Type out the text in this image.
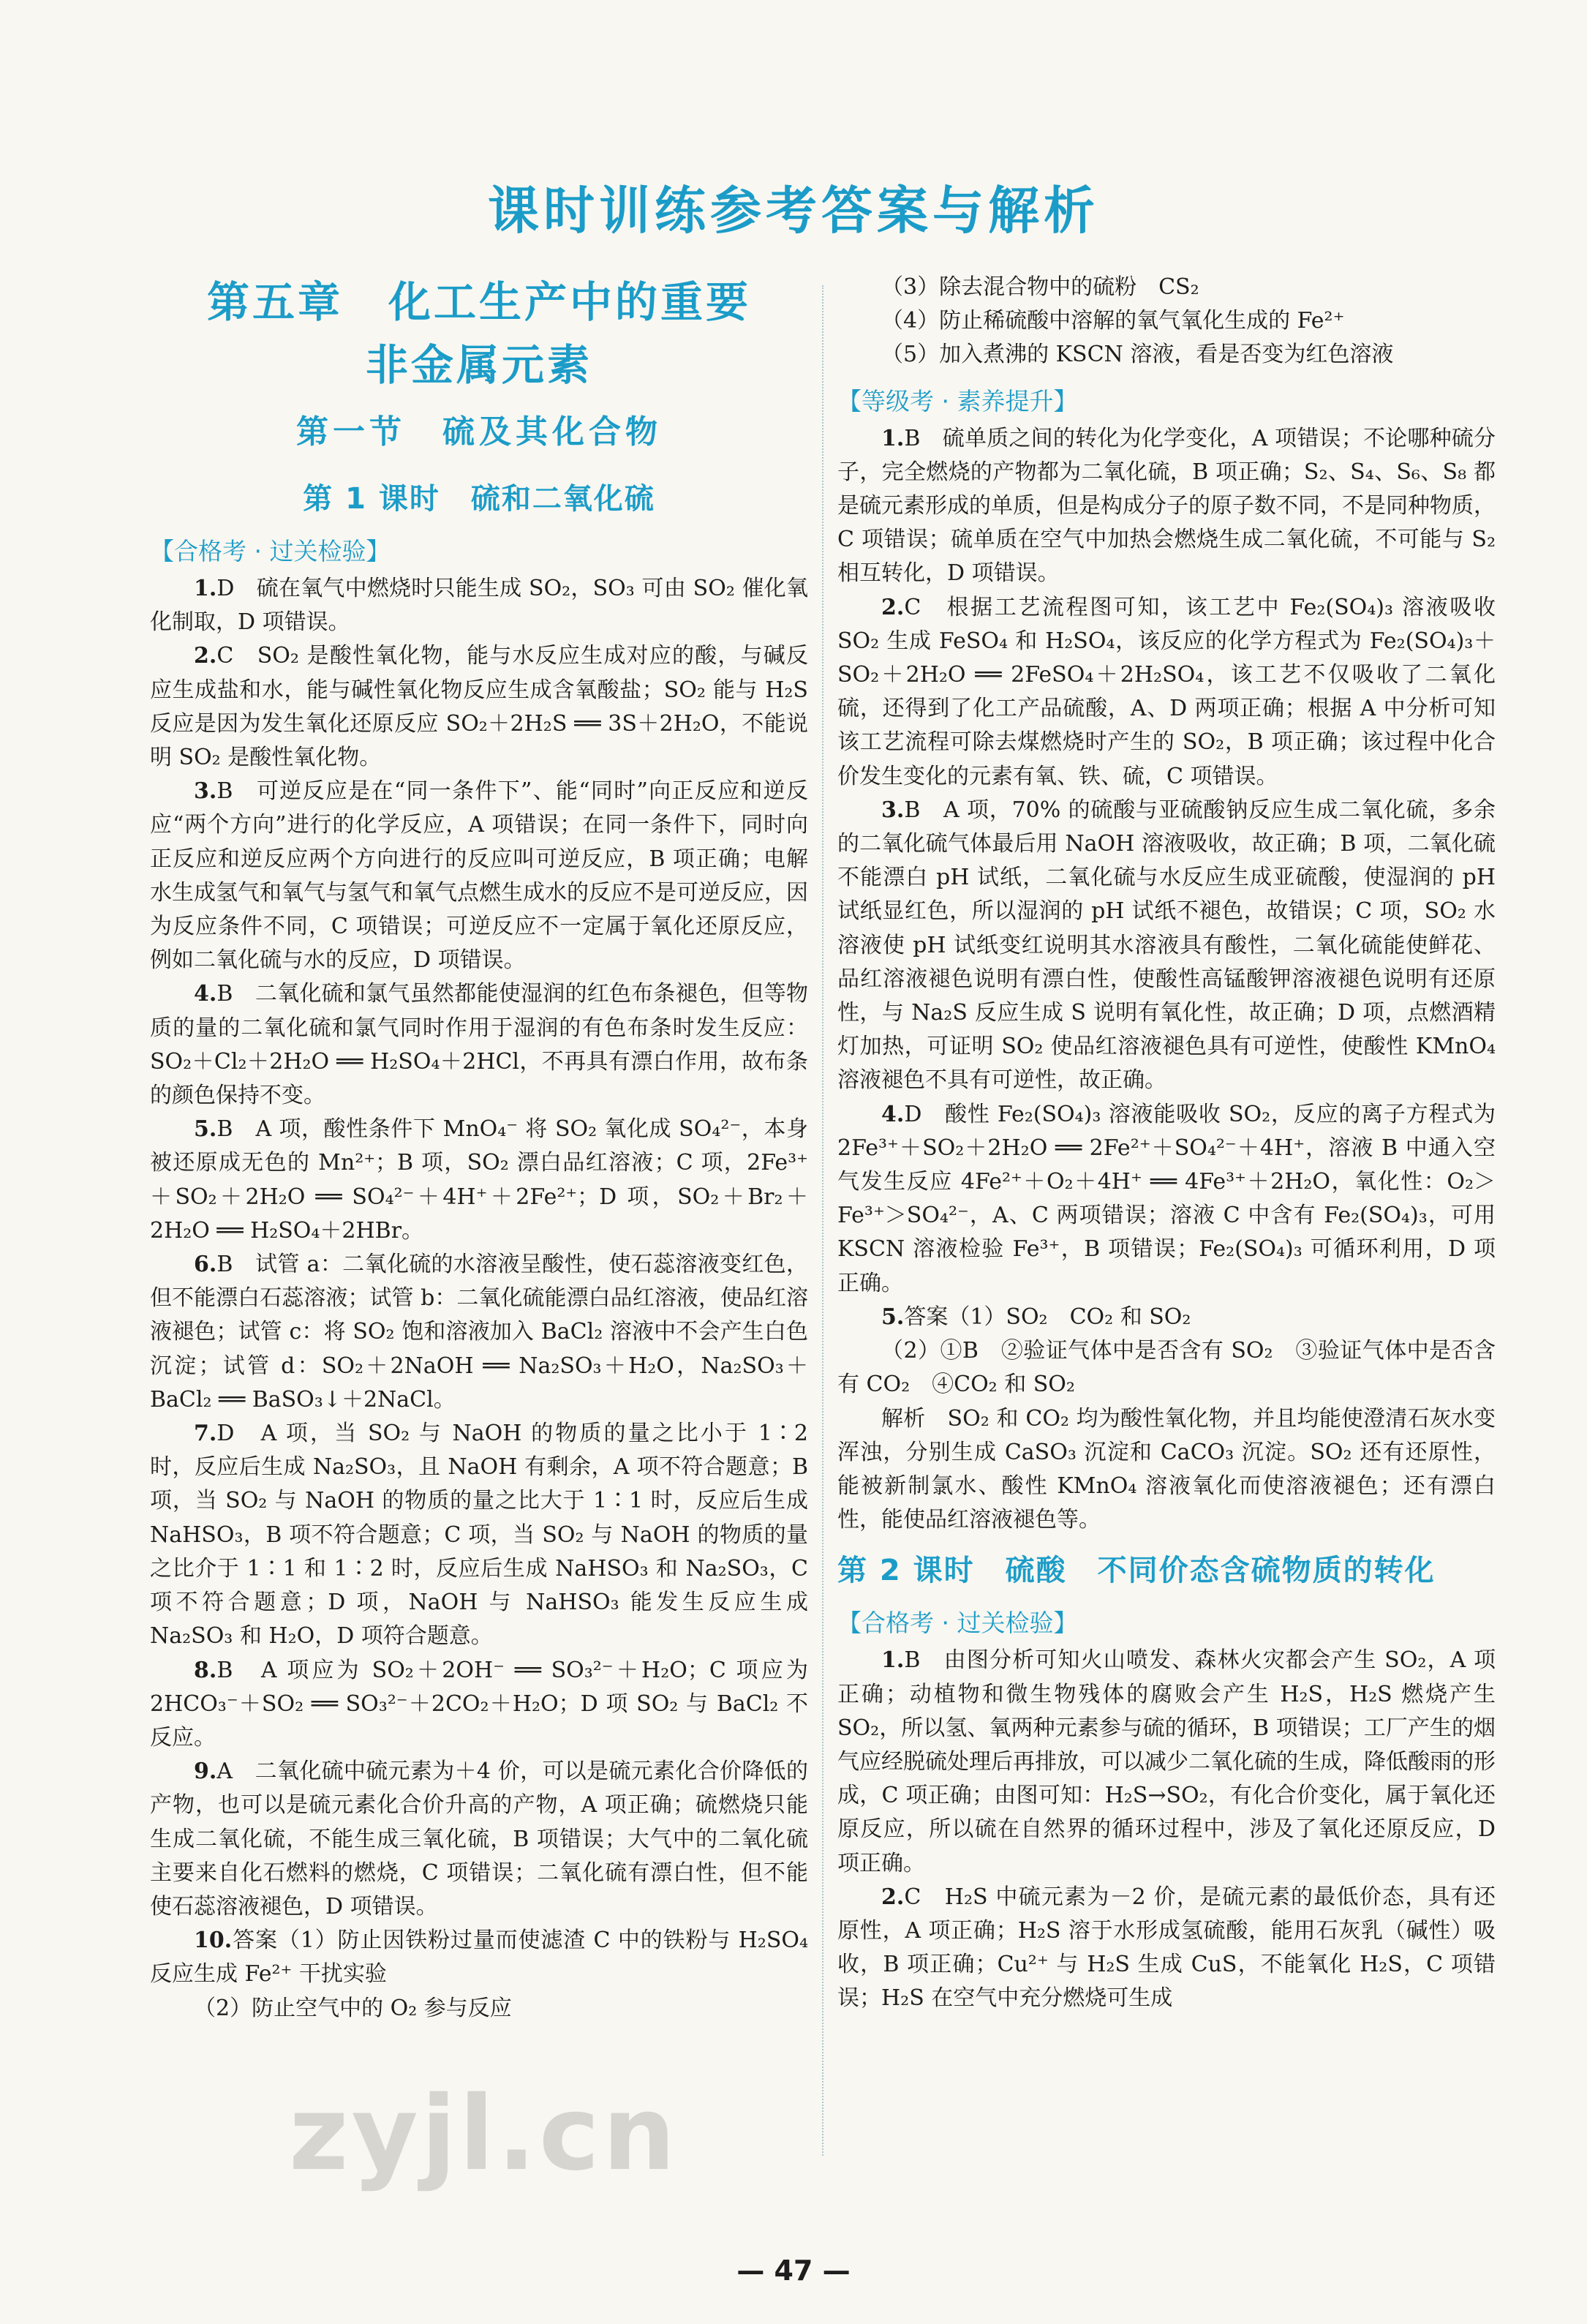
课时训练参考答案与解析
第五章　化工生产中的重要
非金属元素
第一节　硫及其化合物
第 1 课时　硫和二氧化硫
【合格考 · 过关检验】

1.D　硫在氧气中燃烧时只能生成 SO₂，SO₃ 可由 SO₂ 催化氧化制取，D 项错误。

2.C　SO₂ 是酸性氧化物，能与水反应生成对应的酸，与碱反应生成盐和水，能与碱性氧化物反应生成含氧酸盐；SO₂ 能与 H₂S 反应是因为发生氧化还原反应 SO₂＋2H₂S ══ 3S＋2H₂O，不能说明 SO₂ 是酸性氧化物。

3.B　可逆反应是在“同一条件下”、能“同时”向正反应和逆反应“两个方向”进行的化学反应，A 项错误；在同一条件下，同时向正反应和逆反应两个方向进行的反应叫可逆反应，B 项正确；电解水生成氢气和氧气与氢气和氧气点燃生成水的反应不是可逆反应，因为反应条件不同，C 项错误；可逆反应不一定属于氧化还原反应，例如二氧化硫与水的反应，D 项错误。

4.B　二氧化硫和氯气虽然都能使湿润的红色布条褪色，但等物质的量的二氧化硫和氯气同时作用于湿润的有色布条时发生反应：SO₂＋Cl₂＋2H₂O ══ H₂SO₄＋2HCl，不再具有漂白作用，故布条的颜色保持不变。

5.B　A 项，酸性条件下 MnO₄⁻ 将 SO₂ 氧化成 SO₄²⁻，本身被还原成无色的 Mn²⁺；B 项，SO₂ 漂白品红溶液；C 项，2Fe³⁺＋SO₂＋2H₂O ══ SO₄²⁻＋4H⁺＋2Fe²⁺；D 项，SO₂＋Br₂＋2H₂O ══ H₂SO₄＋2HBr。

6.B　试管 a：二氧化硫的水溶液呈酸性，使石蕊溶液变红色，但不能漂白石蕊溶液；试管 b：二氧化硫能漂白品红溶液，使品红溶液褪色；试管 c：将 SO₂ 饱和溶液加入 BaCl₂ 溶液中不会产生白色沉淀；试管 d：SO₂＋2NaOH ══ Na₂SO₃＋H₂O，Na₂SO₃＋BaCl₂ ══ BaSO₃↓＋2NaCl。

7.D　A 项，当 SO₂ 与 NaOH 的物质的量之比小于 1∶2 时，反应后生成 Na₂SO₃，且 NaOH 有剩余，A 项不符合题意；B 项，当 SO₂ 与 NaOH 的物质的量之比大于 1∶1 时，反应后生成 NaHSO₃，B 项不符合题意；C 项，当 SO₂ 与 NaOH 的物质的量之比介于 1∶1 和 1∶2 时，反应后生成 NaHSO₃ 和 Na₂SO₃，C 项不符合题意；D 项，NaOH 与 NaHSO₃ 能发生反应生成 Na₂SO₃ 和 H₂O，D 项符合题意。

8.B　A 项应为 SO₂＋2OH⁻ ══ SO₃²⁻＋H₂O；C 项应为 2HCO₃⁻＋SO₂ ══ SO₃²⁻＋2CO₂＋H₂O；D 项 SO₂ 与 BaCl₂ 不反应。

9.A　二氧化硫中硫元素为＋4 价，可以是硫元素化合价降低的产物，也可以是硫元素化合价升高的产物，A 项正确；硫燃烧只能生成二氧化硫，不能生成三氧化硫，B 项错误；大气中的二氧化硫主要来自化石燃料的燃烧，C 项错误；二氧化硫有漂白性，但不能使石蕊溶液褪色，D 项错误。

10.答案（1）防止因铁粉过量而使滤渣 C 中的铁粉与 H₂SO₄ 反应生成 Fe²⁺ 干扰实验

（2）防止空气中的 O₂ 参与反应

（3）除去混合物中的硫粉　CS₂

（4）防止稀硫酸中溶解的氧气氧化生成的 Fe²⁺

（5）加入煮沸的 KSCN 溶液，看是否变为红色溶液

【等级考 · 素养提升】

1.B　硫单质之间的转化为化学变化，A 项错误；不论哪种硫分子，完全燃烧的产物都为二氧化硫，B 项正确；S₂、S₄、S₆、S₈ 都是硫元素形成的单质，但是构成分子的原子数不同，不是同种物质，C 项错误；硫单质在空气中加热会燃烧生成二氧化硫，不可能与 S₂ 相互转化，D 项错误。

2.C　根据工艺流程图可知，该工艺中 Fe₂(SO₄)₃ 溶液吸收 SO₂ 生成 FeSO₄ 和 H₂SO₄，该反应的化学方程式为 Fe₂(SO₄)₃＋SO₂＋2H₂O ══ 2FeSO₄＋2H₂SO₄，该工艺不仅吸收了二氧化硫，还得到了化工产品硫酸，A、D 两项正确；根据 A 中分析可知该工艺流程可除去煤燃烧时产生的 SO₂，B 项正确；该过程中化合价发生变化的元素有氧、铁、硫，C 项错误。

3.B　A 项，70% 的硫酸与亚硫酸钠反应生成二氧化硫，多余的二氧化硫气体最后用 NaOH 溶液吸收，故正确；B 项，二氧化硫不能漂白 pH 试纸，二氧化硫与水反应生成亚硫酸，使湿润的 pH 试纸显红色，所以湿润的 pH 试纸不褪色，故错误；C 项，SO₂ 水溶液使 pH 试纸变红说明其水溶液具有酸性，二氧化硫能使鲜花、品红溶液褪色说明有漂白性，使酸性高锰酸钾溶液褪色说明有还原性，与 Na₂S 反应生成 S 说明有氧化性，故正确；D 项，点燃酒精灯加热，可证明 SO₂ 使品红溶液褪色具有可逆性，使酸性 KMnO₄ 溶液褪色不具有可逆性，故正确。

4.D　酸性 Fe₂(SO₄)₃ 溶液能吸收 SO₂，反应的离子方程式为 2Fe³⁺＋SO₂＋2H₂O ══ 2Fe²⁺＋SO₄²⁻＋4H⁺，溶液 B 中通入空气发生反应 4Fe²⁺＋O₂＋4H⁺ ══ 4Fe³⁺＋2H₂O，氧化性：O₂＞Fe³⁺＞SO₄²⁻，A、C 两项错误；溶液 C 中含有 Fe₂(SO₄)₃，可用 KSCN 溶液检验 Fe³⁺，B 项错误；Fe₂(SO₄)₃ 可循环利用，D 项正确。

5.答案（1）SO₂　CO₂ 和 SO₂

（2）①B　②验证气体中是否含有 SO₂　③验证气体中是否含有 CO₂　④CO₂ 和 SO₂

解析　SO₂ 和 CO₂ 均为酸性氧化物，并且均能使澄清石灰水变浑浊，分别生成 CaSO₃ 沉淀和 CaCO₃ 沉淀。SO₂ 还有还原性，能被新制氯水、酸性 KMnO₄ 溶液氧化而使溶液褪色；还有漂白性，能使品红溶液褪色等。

第 2 课时　硫酸　不同价态含硫物质的转化
【合格考 · 过关检验】

1.B　由图分析可知火山喷发、森林火灾都会产生 SO₂，A 项正确；动植物和微生物残体的腐败会产生 H₂S，H₂S 燃烧产生 SO₂，所以氢、氧两种元素参与硫的循环，B 项错误；工厂产生的烟气应经脱硫处理后再排放，可以减少二氧化硫的生成，降低酸雨的形成，C 项正确；由图可知：H₂S→SO₂，有化合价变化，属于氧化还原反应，所以硫在自然界的循环过程中，涉及了氧化还原反应，D 项正确。

2.C　H₂S 中硫元素为－2 价，是硫元素的最低价态，具有还原性，A 项正确；H₂S 溶于水形成氢硫酸，能用石灰乳（碱性）吸收，B 项正确；Cu²⁺ 与 H₂S 生成 CuS，不能氧化 H₂S，C 项错误；H₂S 在空气中充分燃烧可生成

zyjl.cn
— 47 —
